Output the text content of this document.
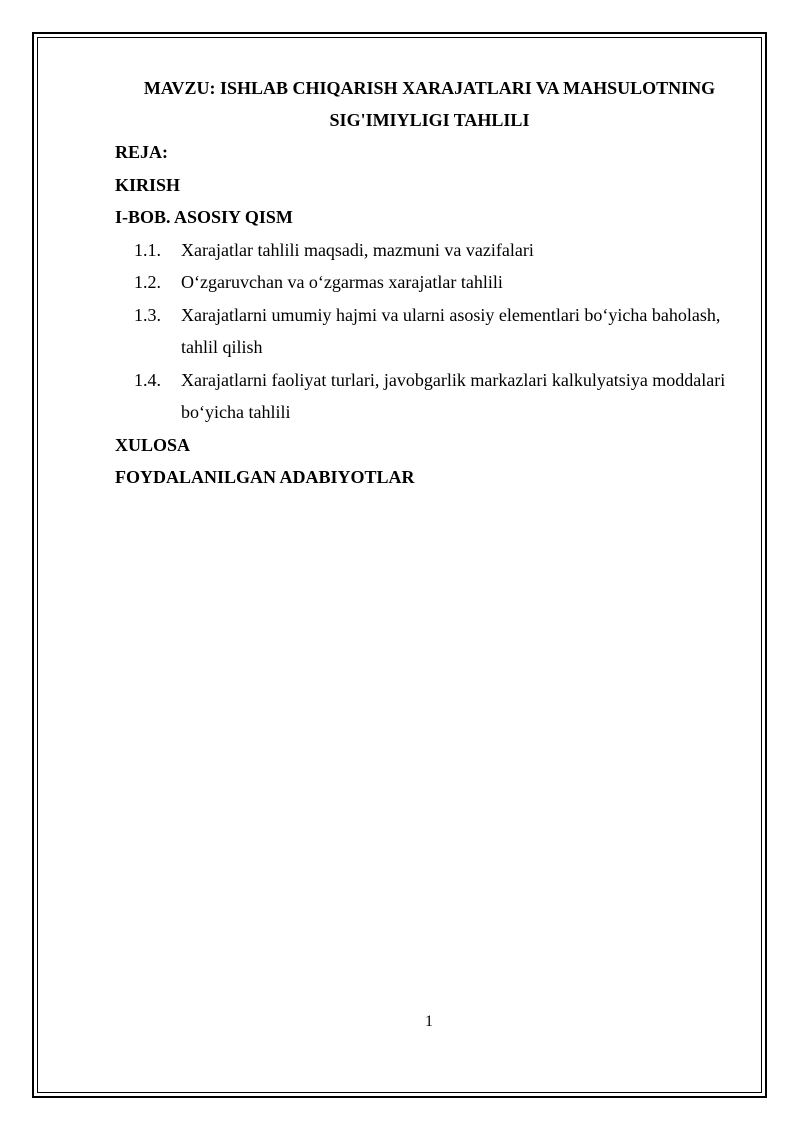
MAVZU: ISHLAB CHIQARISH XARAJATLARI VA MAHSULOTNING
SIG'IMIYLIGI TAHLILI

REJA:

KIRISH

I-BOB. ASOSIY QISM

1.1.	Xarajatlar tahlili maqsadi, mazmuni va vazifalari
1.2.	O‘zgaruvchan va o‘zgarmas xarajatlar tahlili
1.3.	Xarajatlarni umumiy hajmi va ularni asosiy elementlari bo‘yicha baholash, tahlil qilish
1.4.	Xarajatlarni faoliyat turlari, javobgarlik markazlari kalkulyatsiya moddalari bo‘yicha tahlili

XULOSA

FOYDALANILGAN ADABIYOTLAR

1
